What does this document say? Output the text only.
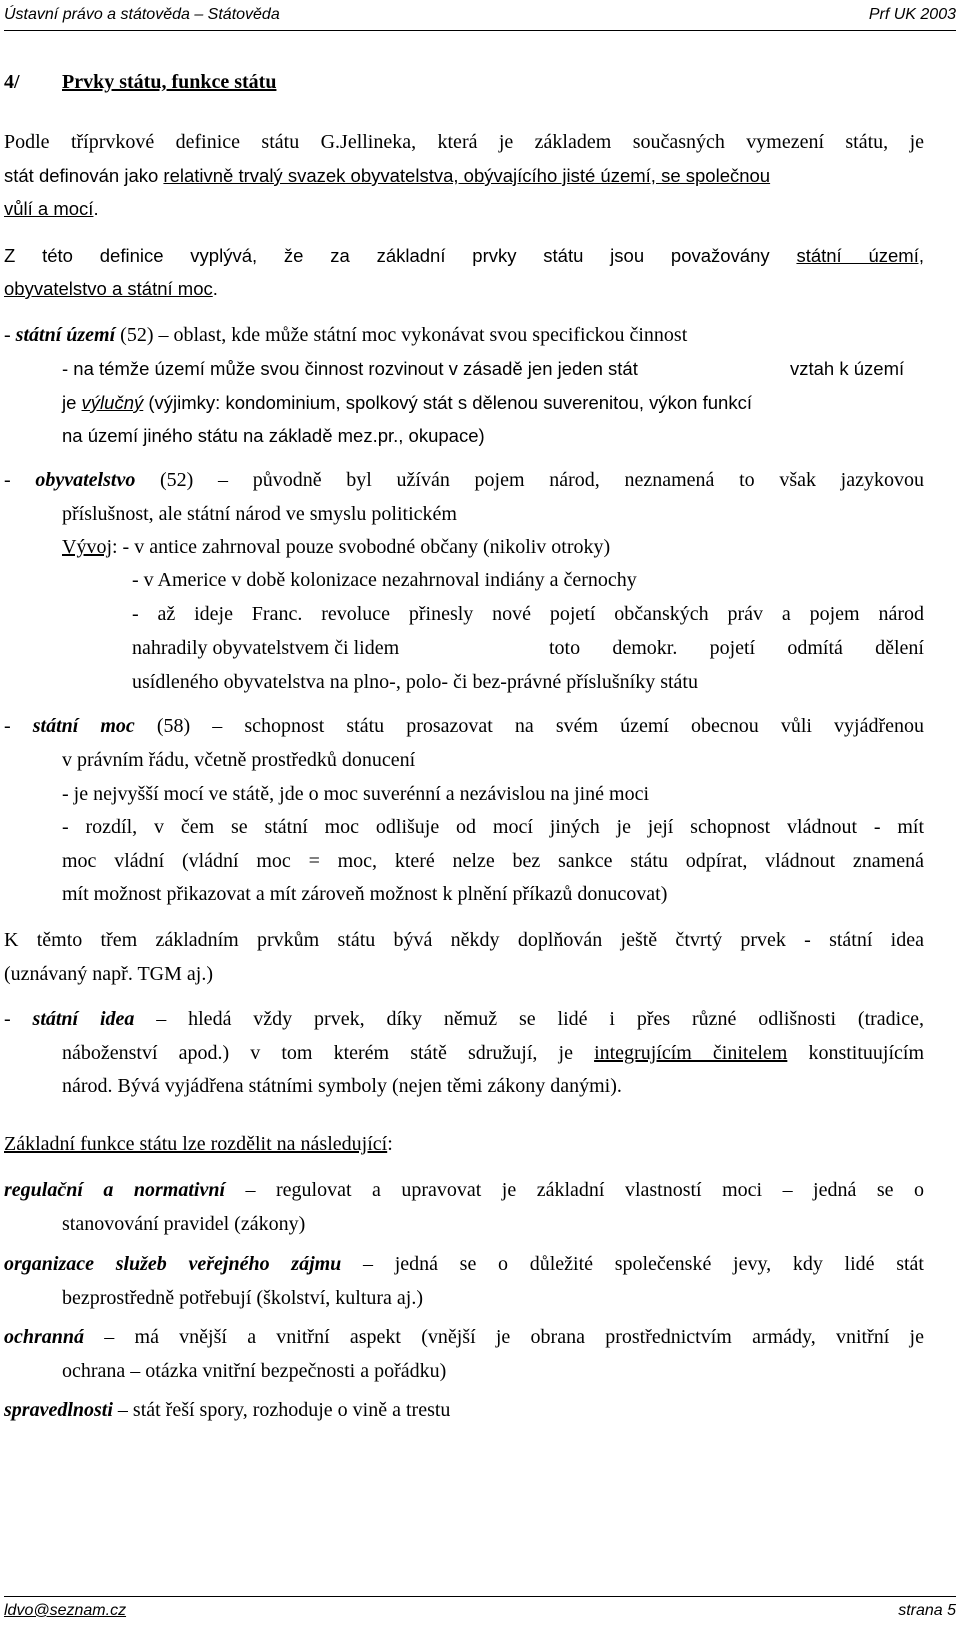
Ústavní právo a státověda – Státověda	Prf UK 2003
4/ Prvky státu, funkce státu
Podle tříprvkové definice státu G.Jellineka, která je základem současných vymezení státu, je
stát definován jako relativně trvalý svazek obyvatelstva, obývajícího jisté území, se společnou
vůlí a mocí.
Z této definice vyplývá, že za základní prvky státu jsou považovány státní území,
obyvatelstvo a státní moc.
- státní území (52) – oblast, kde může státní moc vykonávat svou specifickou činnost
- na témže území může svou činnost rozvinout v zásadě jen jeden stát	vztah k území
je výlučný (výjimky: kondominium, spolkový stát s dělenou suverenitou, výkon funkcí
na území jiného státu na základě mez.pr., okupace)
- obyvatelstvo (52) – původně byl užíván pojem národ, neznamená to však jazykovou
příslušnost, ale státní národ ve smyslu politickém
Vývoj: - v antice zahrnoval pouze svobodné občany (nikoliv otroky)
- v Americe v době kolonizace nezahrnoval indiány a černochy
- až ideje Franc. revoluce přinesly nové pojetí občanských práv a pojem národ
nahradily obyvatelstvem či lidem	toto demokr. pojetí odmítá dělení
usídleného obyvatelstva na plno-, polo- či bez-právné příslušníky státu
- státní moc (58) – schopnost státu prosazovat na svém území obecnou vůli vyjádřenou
v právním řádu, včetně prostředků donucení
- je nejvyšší mocí ve státě, jde o moc suverénní a nezávislou na jiné moci
- rozdíl, v čem se státní moc odlišuje od mocí jiných je její schopnost vládnout - mít
moc vládní (vládní moc = moc, které nelze bez sankce státu odpírat, vládnout znamená
mít možnost přikazovat a mít zároveň možnost k plnění příkazů donucovat)
K těmto třem základním prvkům státu bývá někdy doplňován ještě čtvrtý prvek - státní idea
(uznávaný např. TGM aj.)
- státní idea – hledá vždy prvek, díky němuž se lidé i přes různé odlišnosti (tradice,
náboženství apod.) v tom kterém státě sdružují, je integrujícím činitelem konstituujícím
národ. Bývá vyjádřena státními symboly (nejen těmi zákony danými).
Základní funkce státu lze rozdělit na následující:
regulační a normativní – regulovat a upravovat je základní vlastností moci – jedná se o
stanovování pravidel (zákony)
organizace služeb veřejného zájmu – jedná se o důležité společenské jevy, kdy lidé stát
bezprostředně potřebují (školství, kultura aj.)
ochranná – má vnější a vnitřní aspekt (vnější je obrana prostřednictvím armády, vnitřní je
ochrana – otázka vnitřní bezpečnosti a pořádku)
spravedlnosti – stát řeší spory, rozhoduje o vině a trestu
ldvo@seznam.cz	strana 5
